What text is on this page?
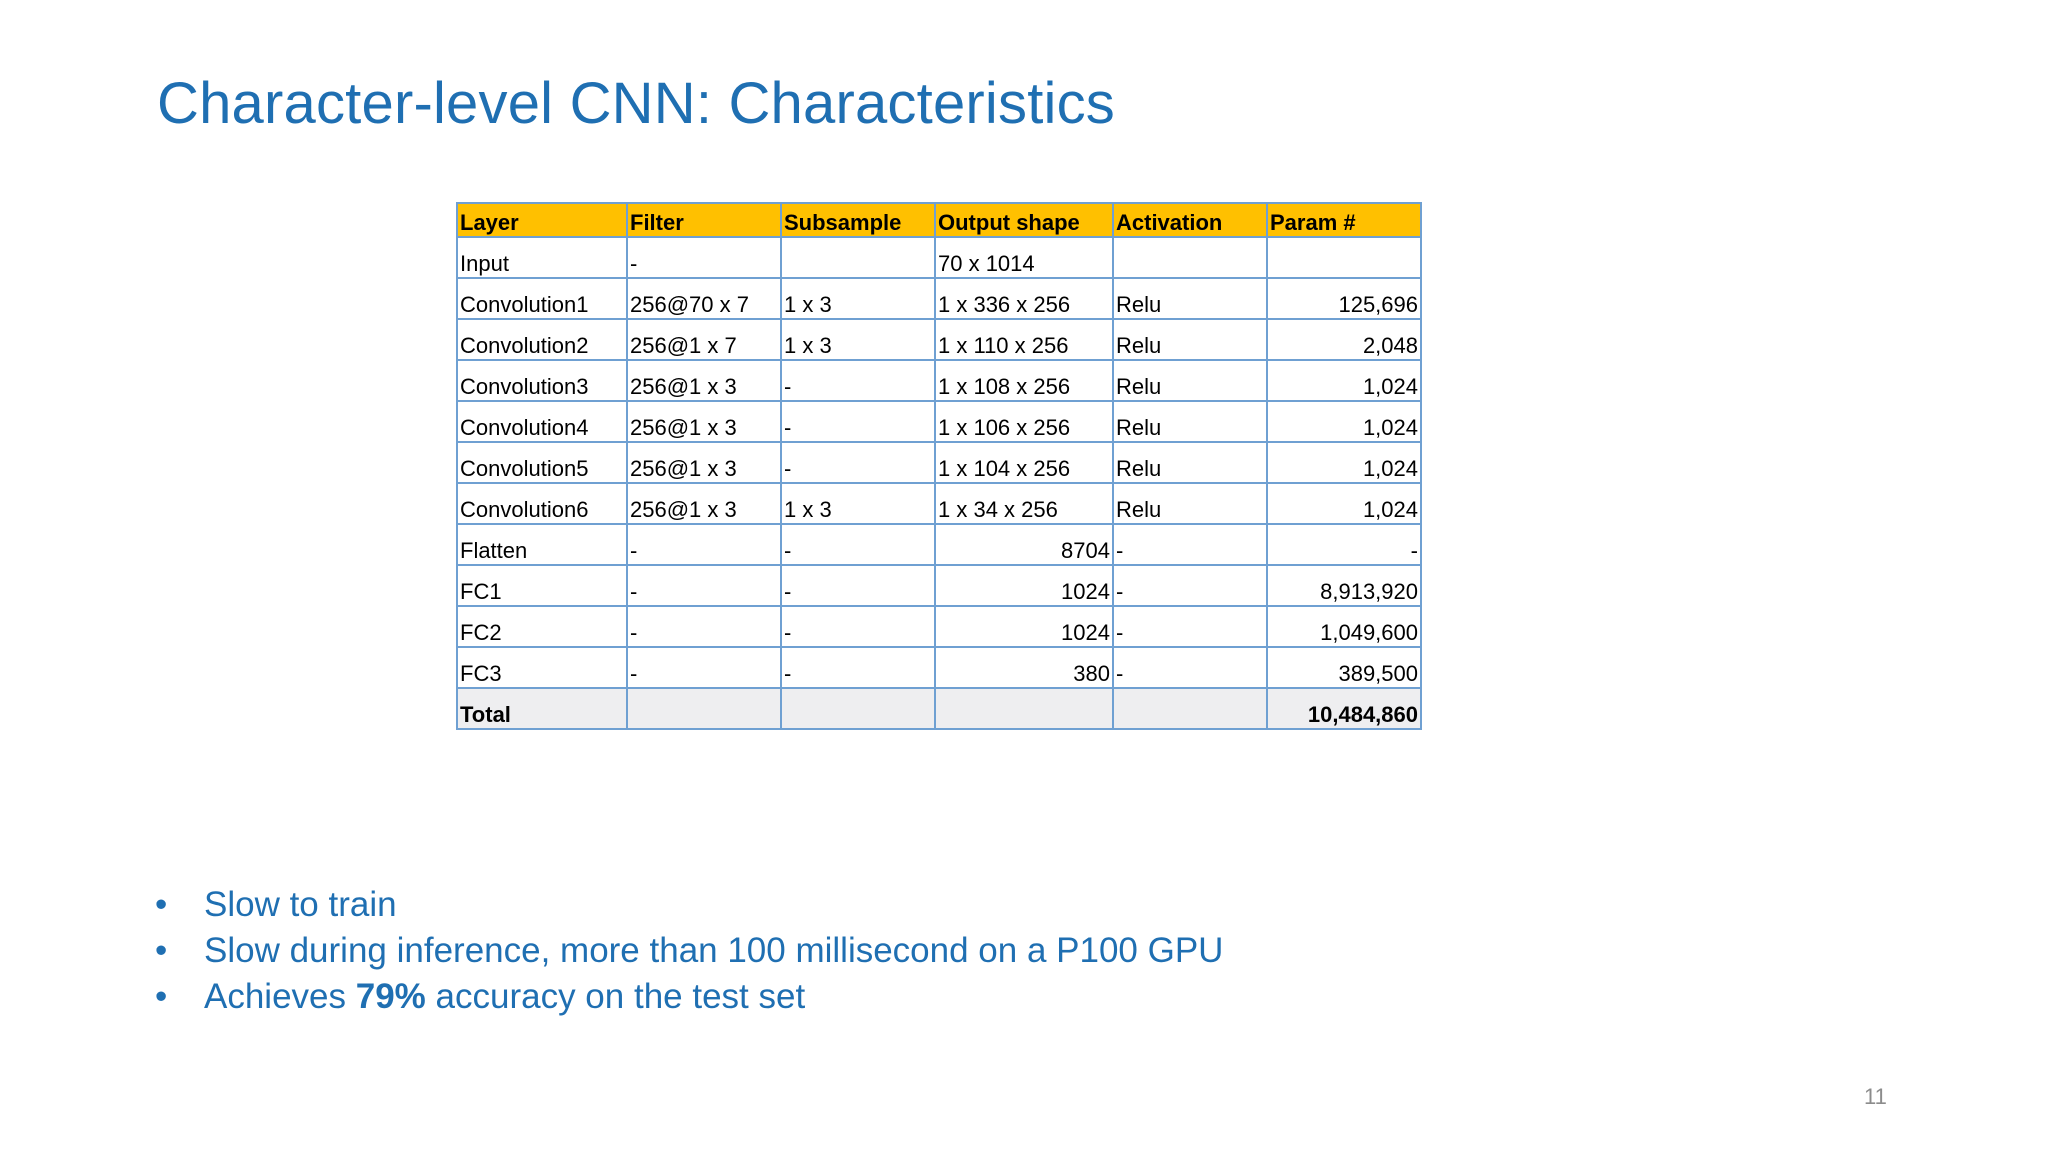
Character-level CNN: Characteristics
Layer	Filter	Subsample	Output shape	Activation	Param #
Input	-		70 x 1014		
Convolution1	256@70 x 7	1 x 3	1 x 336 x 256	Relu	125,696
Convolution2	256@1 x 7	1 x 3	1 x 110 x 256	Relu	2,048
Convolution3	256@1 x 3	-	1 x 108 x 256	Relu	1,024
Convolution4	256@1 x 3	-	1 x 106 x 256	Relu	1,024
Convolution5	256@1 x 3	-	1 x 104 x 256	Relu	1,024
Convolution6	256@1 x 3	1 x 3	1 x 34 x 256	Relu	1,024
Flatten	-	-	8704	-	-
FC1	-	-	1024	-	8,913,920
FC2	-	-	1024	-	1,049,600
FC3	-	-	380	-	389,500
Total					10,484,860
• Slow to train
• Slow during inference, more than 100 millisecond on a P100 GPU
• Achieves 79% accuracy on the test set
11
